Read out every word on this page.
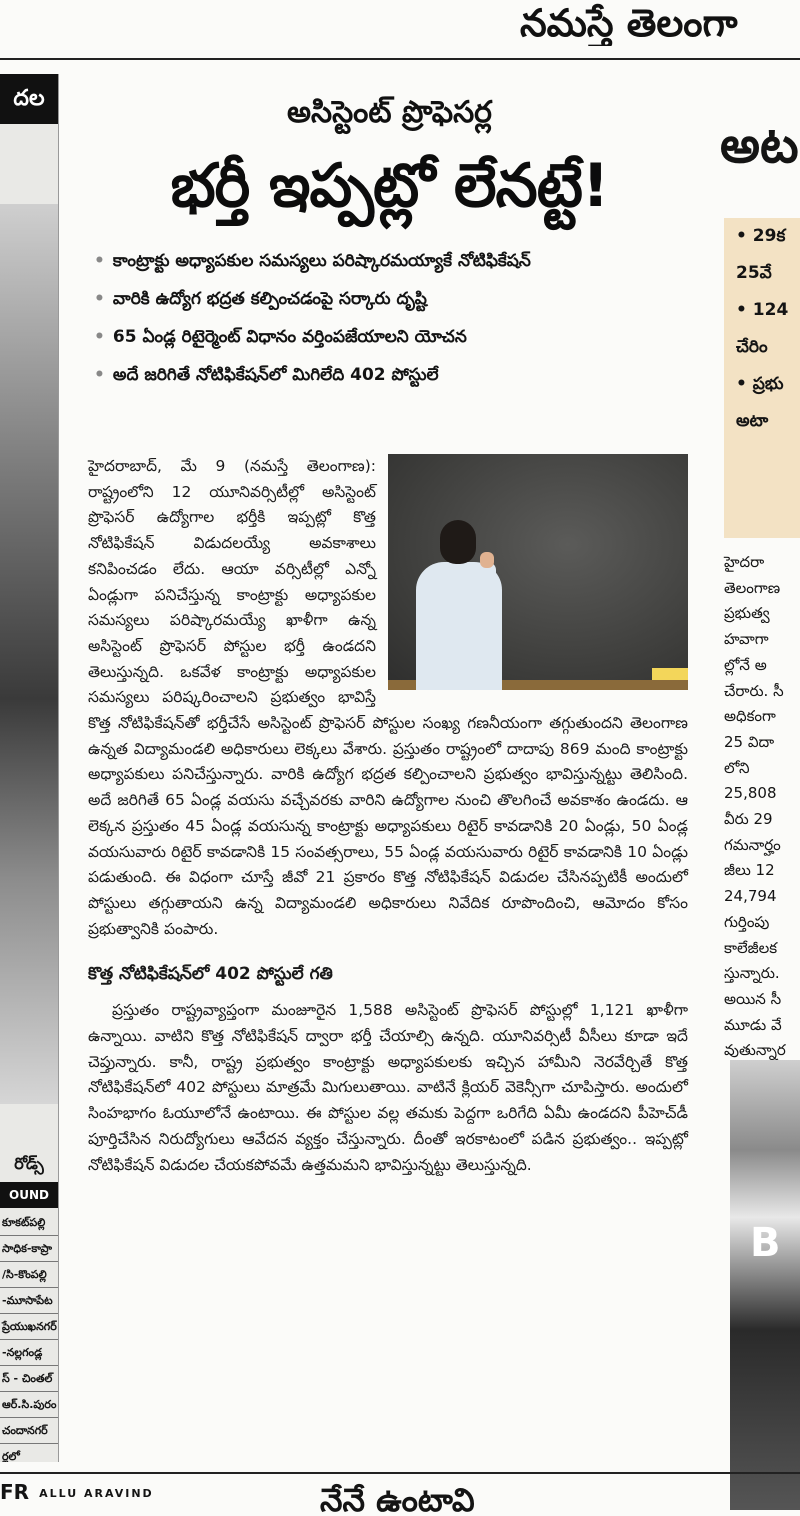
నమస్తే తెలంగా
దల
రోడ్స్
OUND
కూకట్‌పల్లి
సాధిక-కాప్రా
/సి-కొంపల్లి
-మూసాపేట
ప్రేయుఖనగర్
-నల్లగండ్ల
స్ - చింతల్
ఆర్.సి.పురం
చందానగర్
ర్లలో
అసిస్టెంట్ ప్రొఫెసర్ల
భర్తీ ఇప్పట్లో లేనట్టే!
• కాంట్రాక్టు అధ్యాపకుల సమస్యలు పరిష్కారమయ్యాకే నోటిఫికేషన్
• వారికి ఉద్యోగ భద్రత కల్పించడంపై సర్కారు దృష్టి
• 65 ఏండ్ల రిటైర్మెంట్ విధానం వర్తింపజేయాలని యోచన
• అదే జరిగితే నోటిఫికేషన్‌లో మిగిలేది 402 పోస్టులే

హైదరాబాద్, మే 9 (నమస్తే తెలంగాణ): రాష్ట్రంలోని 12 యూనివర్సిటీల్లో అసిస్టెంట్ ప్రొఫెసర్ ఉద్యోగాల భర్తీకి ఇప్పట్లో కొత్త నోటిఫికేషన్ విడుదలయ్యే అవకాశాలు కనిపించడం లేదు. ఆయా వర్సిటీల్లో ఎన్నో ఏండ్లుగా పనిచేస్తున్న కాంట్రాక్టు అధ్యాపకుల సమస్యలు పరిష్కారమయ్యే ఖాళీగా ఉన్న అసిస్టెంట్ ప్రొఫెసర్ పోస్టుల భర్తీ ఉండదని తెలుస్తున్నది. ఒకవేళ కాంట్రాక్టు అధ్యాపకుల సమస్యలు పరిష్కరించాలని ప్రభుత్వం భావిస్తే కొత్త నోటిఫికేషన్‌తో భర్తీచేసే అసిస్టెంట్ ప్రొఫెసర్ పోస్టుల సంఖ్య గణనీయంగా తగ్గుతుందని తెలంగాణ ఉన్నత విద్యామండలి అధికారులు లెక్కలు వేశారు. ప్రస్తుతం రాష్ట్రంలో దాదాపు 869 మంది కాంట్రాక్టు అధ్యాపకులు పనిచేస్తున్నారు. వారికి ఉద్యోగ భద్రత కల్పించాలని ప్రభుత్వం భావిస్తున్నట్టు తెలిసింది. అదే జరిగితే 65 ఏండ్ల వయసు వచ్చేవరకు వారిని ఉద్యోగాల నుంచి తొలగించే అవకాశం ఉండదు. ఆ లెక్కన ప్రస్తుతం 45 ఏండ్ల వయసున్న కాంట్రాక్టు అధ్యాపకులు రిటైర్ కావడానికి 20 ఏండ్లు, 50 ఏండ్ల వయసువారు రిటైర్ కావడానికి 15 సంవత్సరాలు, 55 ఏండ్ల వయసువారు రిటైర్ కావడానికి 10 ఏండ్లు పడుతుంది. ఈ విధంగా చూస్తే జీవో 21 ప్రకారం కొత్త నోటిఫికేషన్ విడుదల చేసినప్పటికీ అందులో పోస్టులు తగ్గుతాయని ఉన్న విద్యామండలి అధికారులు నివేదిక రూపొందించి, ఆమోదం కోసం ప్రభుత్వానికి పంపారు.

కొత్త నోటిఫికేషన్‌లో 402 పోస్టులే గతి

ప్రస్తుతం రాష్ట్రవ్యాప్తంగా మంజూరైన 1,588 అసిస్టెంట్ ప్రొఫెసర్ పోస్టుల్లో 1,121 ఖాళీగా ఉన్నాయి. వాటిని కొత్త నోటిఫికేషన్ ద్వారా భర్తీ చేయాల్సి ఉన్నది. యూనివర్సిటీ వీసీలు కూడా ఇదే చెప్తున్నారు. కానీ, రాష్ట్ర ప్రభుత్వం కాంట్రాక్టు అధ్యాపకులకు ఇచ్చిన హామీని నెరవేర్చితే కొత్త నోటిఫికేషన్‌లో 402 పోస్టులు మాత్రమే మిగులుతాయి. వాటినే క్లియర్ వెకెన్సీగా చూపిస్తారు. అందులో సింహభాగం ఓయూలోనే ఉంటాయి. ఈ పోస్టుల వల్ల తమకు పెద్దగా ఒరిగేది ఏమీ ఉండదని పీహెచ్‌డీ పూర్తిచేసిన నిరుద్యోగులు ఆవేదన వ్యక్తం చేస్తున్నారు. దీంతో ఇరకాటంలో పడిన ప్రభుత్వం.. ఇప్పట్లో నోటిఫికేషన్ విడుదల చేయకపోవమే ఉత్తమమని భావిస్తున్నట్టు తెలుస్తున్నది.

అట
• 29క
25వే
• 124
చేరిం
• ప్రభు
అటా
హైదరా
తెలంగాణ
ప్రభుత్వ
హవాగా
ల్లోనే అ
చేరారు. సీ
అధికంగా
25 విదా
లోని
25,808
వీరు 29
గమనార్హం
జీలు 12
24,794
గుర్తింపు
కాలేజీలక
స్తున్నారు.
అయిన సీ
మూడు వే
వుతున్నార
B
FR ALLU ARAVIND	నేనే ఉంటావి
